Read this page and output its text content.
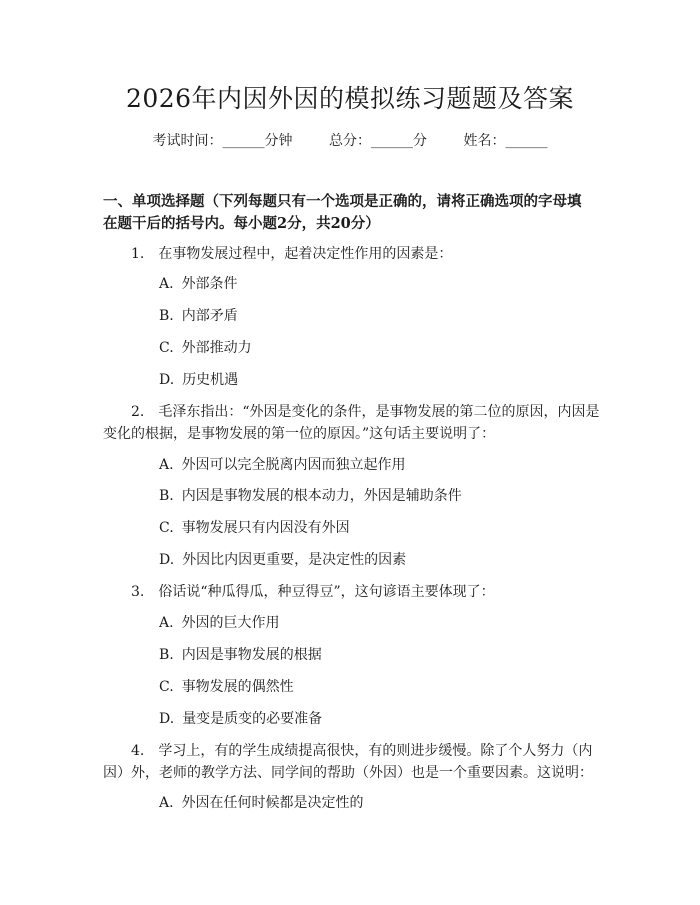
2026年内因外因的模拟练习题题及答案
考试时间：______分钟	总分：______分	姓名：______
一、单项选择题（下列每题只有一个选项是正确的，请将正确选项的字母填在题干后的括号内。每小题2分，共20分）
1. 在事物发展过程中，起着决定性作用的因素是：
A. 外部条件
B. 内部矛盾
C. 外部推动力
D. 历史机遇
2. 毛泽东指出：“外因是变化的条件，是事物发展的第二位的原因，内因是变化的根据，是事物发展的第一位的原因。”这句话主要说明了：
A. 外因可以完全脱离内因而独立起作用
B. 内因是事物发展的根本动力，外因是辅助条件
C. 事物发展只有内因没有外因
D. 外因比内因更重要，是决定性的因素
3. 俗话说“种瓜得瓜，种豆得豆”，这句谚语主要体现了：
A. 外因的巨大作用
B. 内因是事物发展的根据
C. 事物发展的偶然性
D. 量变是质变的必要准备
4. 学习上，有的学生成绩提高很快，有的则进步缓慢。除了个人努力（内因）外，老师的教学方法、同学间的帮助（外因）也是一个重要因素。这说明：
A. 外因在任何时候都是决定性的
